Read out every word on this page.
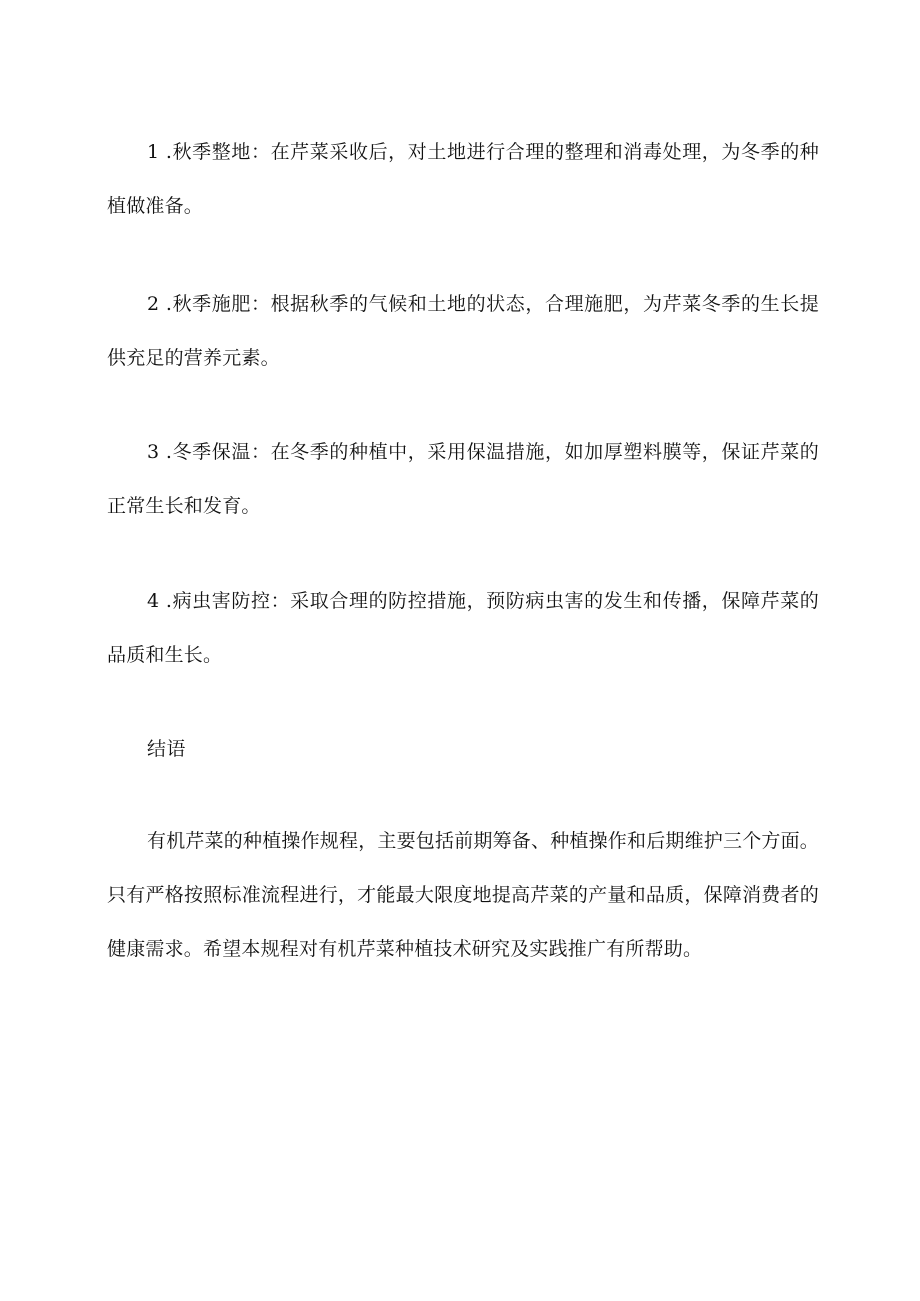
1 .秋季整地：在芹菜采收后，对土地进行合理的整理和消毒处理，为冬季的种植做准备。

2 .秋季施肥：根据秋季的气候和土地的状态，合理施肥，为芹菜冬季的生长提供充足的营养元素。

3 .冬季保温：在冬季的种植中，采用保温措施，如加厚塑料膜等，保证芹菜的正常生长和发育。

4 .病虫害防控：采取合理的防控措施，预防病虫害的发生和传播，保障芹菜的品质和生长。

结语

有机芹菜的种植操作规程，主要包括前期筹备、种植操作和后期维护三个方面。只有严格按照标准流程进行，才能最大限度地提高芹菜的产量和品质，保障消费者的健康需求。希望本规程对有机芹菜种植技术研究及实践推广有所帮助。
